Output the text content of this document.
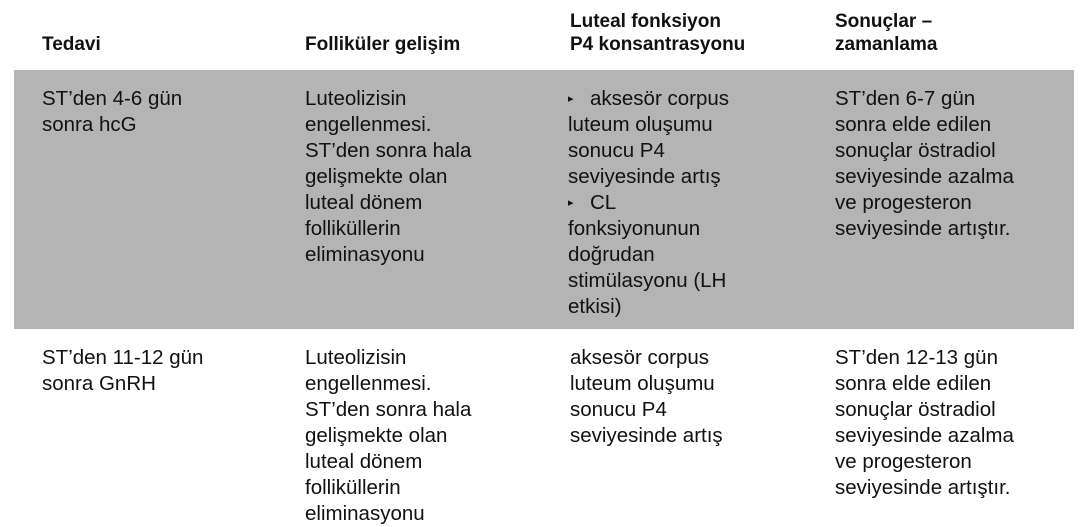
Tedavi	Folliküler gelişim
Luteal fonksiyon
P4 konsantrasyonu
Sonuçlar –
zamanlama
ST’den 4-6 gün
sonra hcG
Luteolizisin
engellenmesi.
ST’den sonra hala
gelişmekte olan
luteal dönem
folliküllerin
eliminasyonu
▸ aksesör corpus
luteum oluşumu
sonucu P4
seviyesinde artış
▸ CL
fonksiyonunun
doğrudan
stimülasyonu (LH
etkisi)
ST’den 6-7 gün
sonra elde edilen
sonuçlar östradiol
seviyesinde azalma
ve progesteron
seviyesinde artıştır.
ST’den 11-12 gün
sonra GnRH
Luteolizisin
engellenmesi.
ST’den sonra hala
gelişmekte olan
luteal dönem
folliküllerin
eliminasyonu
aksesör corpus
luteum oluşumu
sonucu P4
seviyesinde artış
ST’den 12-13 gün
sonra elde edilen
sonuçlar östradiol
seviyesinde azalma
ve progesteron
seviyesinde artıştır.
